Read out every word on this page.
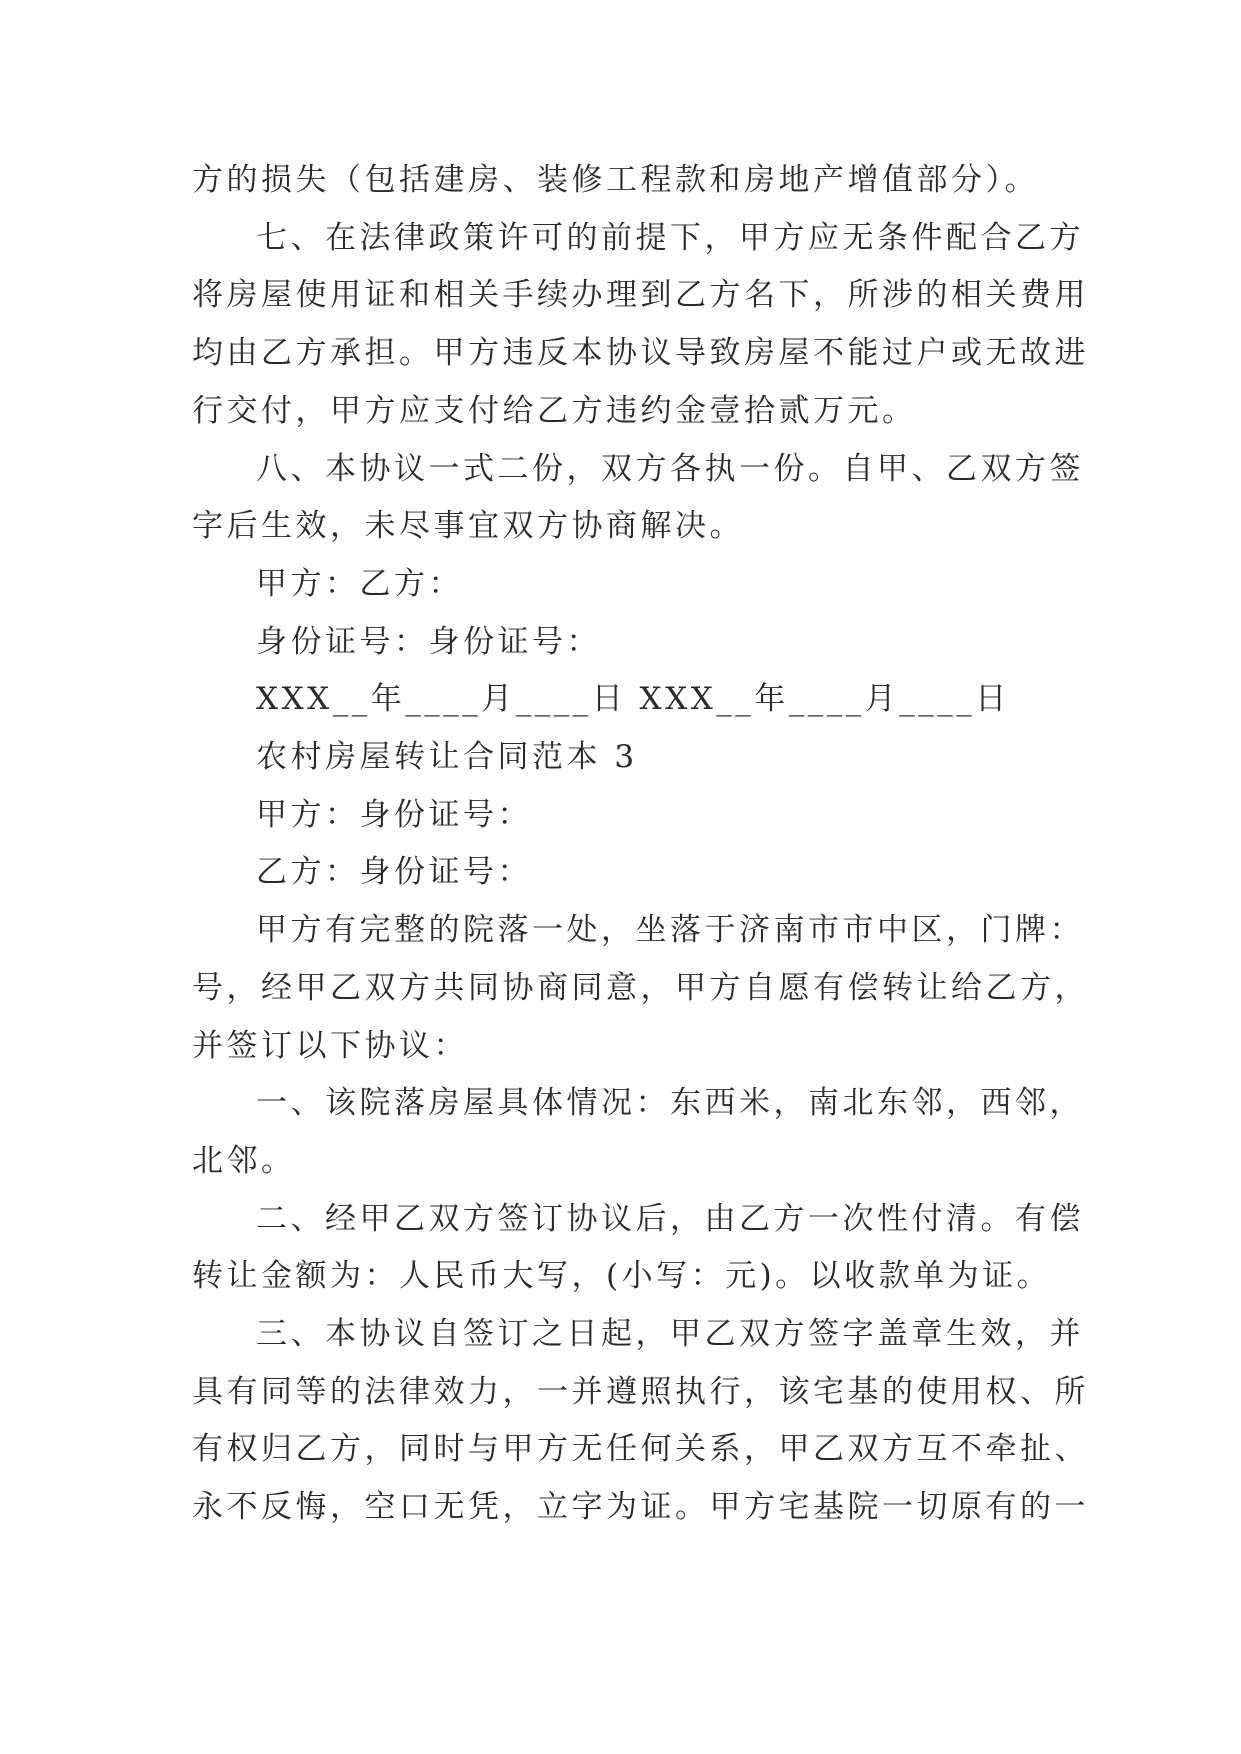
方的损失（包括建房、装修工程款和房地产增值部分）。
七、在法律政策许可的前提下，甲方应无条件配合乙方
将房屋使用证和相关手续办理到乙方名下，所涉的相关费用
均由乙方承担。甲方违反本协议导致房屋不能过户或无故进
行交付，甲方应支付给乙方违约金壹拾贰万元。
八、本协议一式二份，双方各执一份。自甲、乙双方签
字后生效，未尽事宜双方协商解决。
甲方：乙方：
身份证号：身份证号：
XXX__年____月____日 XXX__年____月____日
农村房屋转让合同范本 3
甲方：身份证号：
乙方：身份证号：
甲方有完整的院落一处，坐落于济南市市中区，门牌：
号，经甲乙双方共同协商同意，甲方自愿有偿转让给乙方，
并签订以下协议：
一、该院落房屋具体情况：东西米，南北东邻，西邻，
北邻。
二、经甲乙双方签订协议后，由乙方一次性付清。有偿
转让金额为：人民币大写，(小写：元)。以收款单为证。
三、本协议自签订之日起，甲乙双方签字盖章生效，并
具有同等的法律效力，一并遵照执行，该宅基的使用权、所
有权归乙方，同时与甲方无任何关系，甲乙双方互不牵扯、
永不反悔，空口无凭，立字为证。甲方宅基院一切原有的一
